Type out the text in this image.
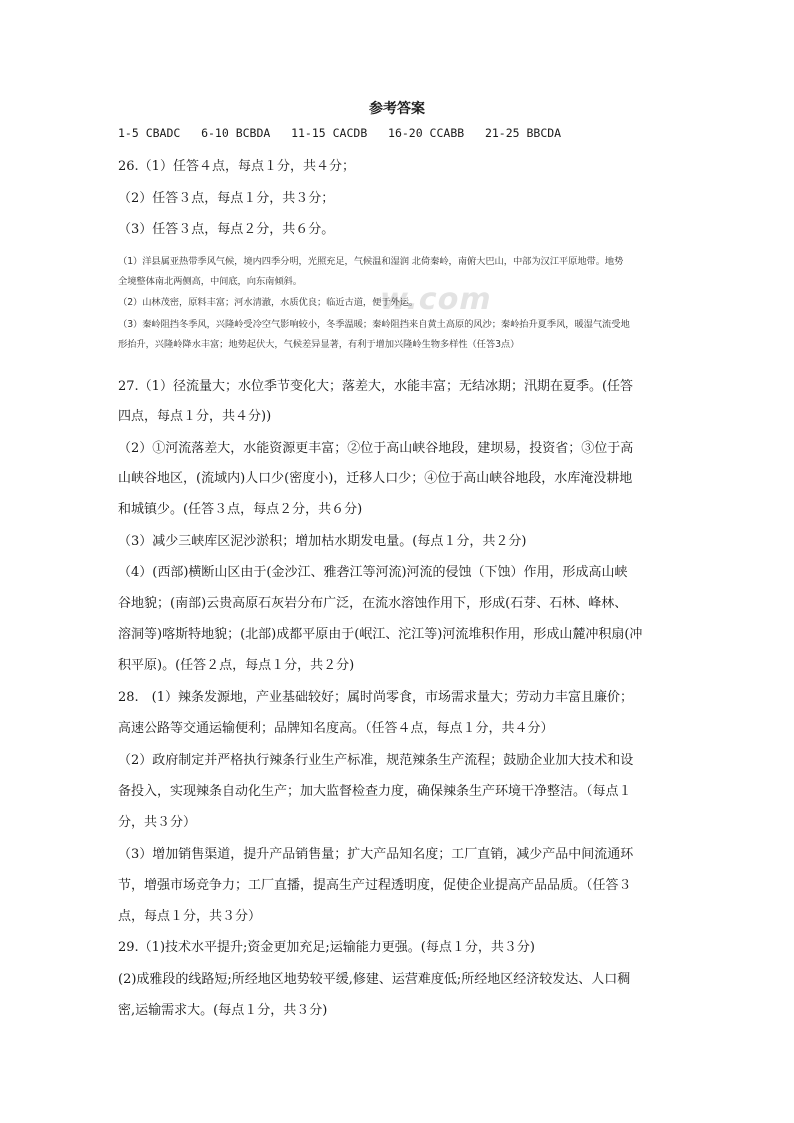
参考答案
1-5 CBADC   6-10 BCBDA   11-15 CACDB   16-20 CCABB   21-25 BBCDA
26.（1）任答４点，每点１分，共４分；
（2）任答３点，每点１分，共３分；
（3）任答３点，每点２分，共６分。
w.com
（1）洋县属亚热带季风气候，境内四季分明，光照充足，气候温和湿润 北倚秦岭，南俯大巴山，中部为汉江平原地带。地势
全境整体南北两侧高，中间底，向东南倾斜。
（2）山林茂密，原料丰富；河水清澈，水质优良；临近古道，便于外运。
（3）秦岭阻挡冬季风，兴隆岭受冷空气影响较小，冬季温暖；秦岭阻挡来自黄土高原的风沙；秦岭抬升夏季风，暖湿气流受地
形抬升，兴隆岭降水丰富；地势起伏大，气候差异显著，有利于增加兴隆岭生物多样性（任答3点）
27.（1）径流量大；水位季节变化大；落差大，水能丰富；无结冰期；汛期在夏季。(任答
四点，每点１分，共４分))
（2）①河流落差大，水能资源更丰富；②位于高山峡谷地段，建坝易，投资省；③位于高
山峡谷地区，(流域内)人口少(密度小)，迁移人口少；④位于高山峡谷地段，水库淹没耕地
和城镇少。(任答３点，每点２分，共６分)
（3）减少三峡库区泥沙淤积；增加枯水期发电量。(每点１分，共２分)
（4）(西部)横断山区由于(金沙江、雅砻江等河流)河流的侵蚀（下蚀）作用，形成高山峡
谷地貌；(南部)云贵高原石灰岩分布广泛，在流水溶蚀作用下，形成(石芽、石林、峰林、
溶洞等)喀斯特地貌；(北部)成都平原由于(岷江、沱江等)河流堆积作用，形成山麓冲积扇(冲
积平原)。(任答２点，每点１分，共２分)
28.　(1）辣条发源地，产业基础较好；属时尚零食，市场需求量大；劳动力丰富且廉价；
高速公路等交通运输便利；品牌知名度高。（任答４点，每点１分，共４分）
（2）政府制定并严格执行辣条行业生产标准，规范辣条生产流程；鼓励企业加大技术和设
备投入，实现辣条自动化生产；加大监督检查力度，确保辣条生产环境干净整洁。（每点１
分，共３分）
（3）增加销售渠道，提升产品销售量；扩大产品知名度；工厂直销，减少产品中间流通环
节，增强市场竞争力；工厂直播，提高生产过程透明度，促使企业提高产品品质。（任答３
点，每点１分，共３分）
29.（1)技术水平提升;资金更加充足;运输能力更强。(每点１分，共３分)
(2)成雅段的线路短;所经地区地势较平缓,修建、运营难度低;所经地区经济较发达、人口稠
密,运输需求大。(每点１分，共３分)
